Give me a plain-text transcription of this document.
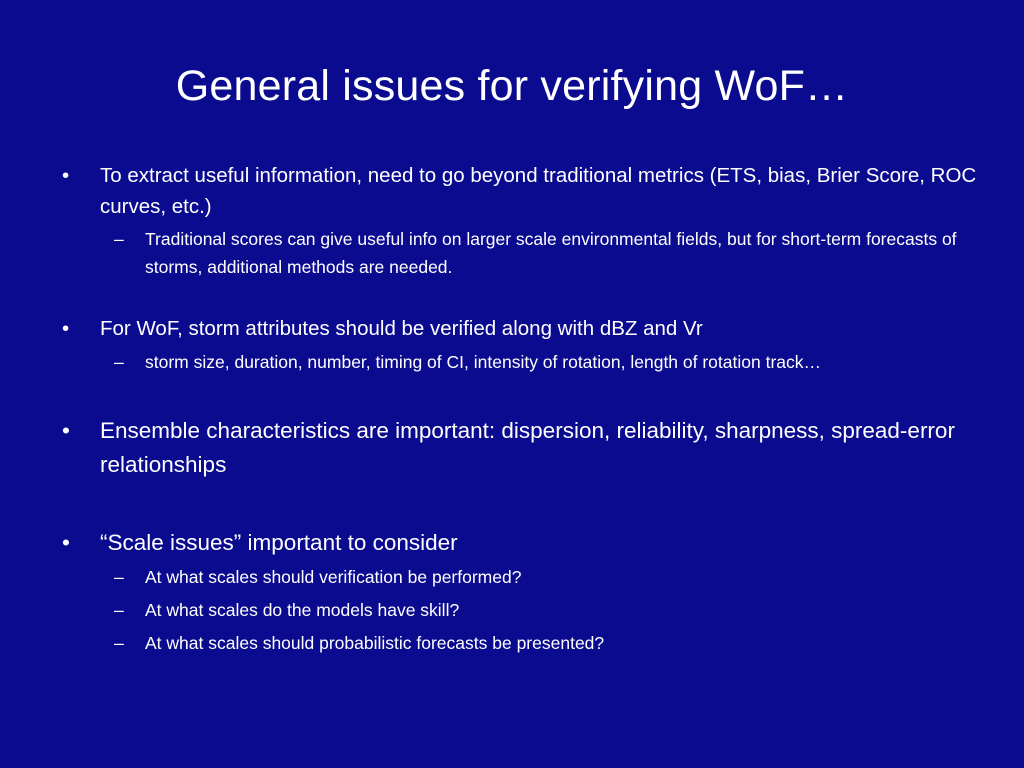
General issues for verifying WoF…
• To extract useful information, need to go beyond traditional metrics (ETS, bias, Brier Score, ROC curves, etc.)
– Traditional scores can give useful info on larger scale environmental fields, but for short-term forecasts of storms, additional methods are needed.
• For WoF, storm attributes should be verified along with dBZ and Vr
– storm size, duration, number, timing of CI, intensity of rotation, length of rotation track…
• Ensemble characteristics are important: dispersion, reliability, sharpness, spread-error relationships
• “Scale issues” important to consider
– At what scales should verification be performed?
– At what scales do the models have skill?
– At what scales should probabilistic forecasts be presented?
